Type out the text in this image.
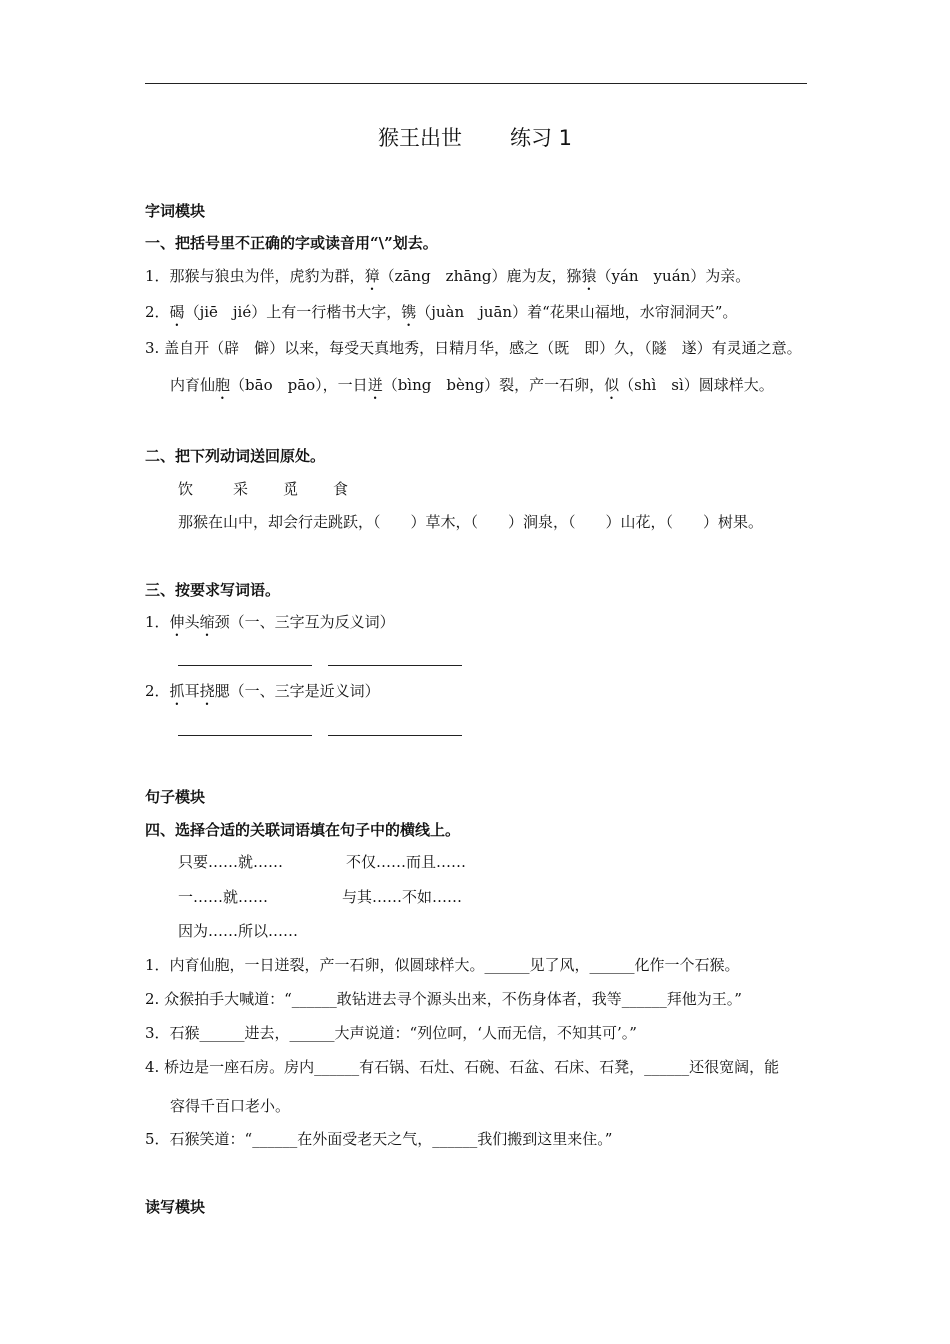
猴王出世 练习 1
字词模块
一、把括号里不正确的字或读音用“\”划去。
1．那猴与狼虫为伴，虎豹为群，獐（zāng　zhāng）鹿为友，猕猿（yán　yuán）为亲。
2．碣（jiē　jié）上有一行楷书大字，镌（juàn　juān）着“花果山福地，水帘洞洞天”。
3. 盖自开（辟　僻）以来，每受天真地秀，日精月华，感之（既　即）久，（隧　遂）有灵通之意。
内育仙胞（bāo　pāo），一日迸（bìng　bèng）裂，产一石卵，似（shì　sì）圆球样大。
二、把下列动词送回原处。
饮	采 觅 食
那猴在山中，却会行走跳跃，（　　）草木，（　　）涧泉，（　　）山花，（　　）树果。
三、按要求写词语。
1．伸头缩颈（一、三字互为反义词）
2．抓耳挠腮（一、三字是近义词）
句子模块
四、选择合适的关联词语填在句子中的横线上。
只要……就……	不仅……而且……
一……就……	与其……不如……
因为……所以……
1．内育仙胞，一日迸裂，产一石卵，似圆球样大。______见了风，______化作一个石猴。
2. 众猴拍手大喊道：“______敢钻进去寻个源头出来，不伤身体者，我等______拜他为王。”
3．石猴______进去，______大声说道：“列位呵，‘人而无信，不知其可’。”
4. 桥边是一座石房。房内______有石锅、石灶、石碗、石盆、石床、石凳，______还很宽阔，能
容得千百口老小。
5．石猴笑道：“______在外面受老天之气，______我们搬到这里来住。”
读写模块
